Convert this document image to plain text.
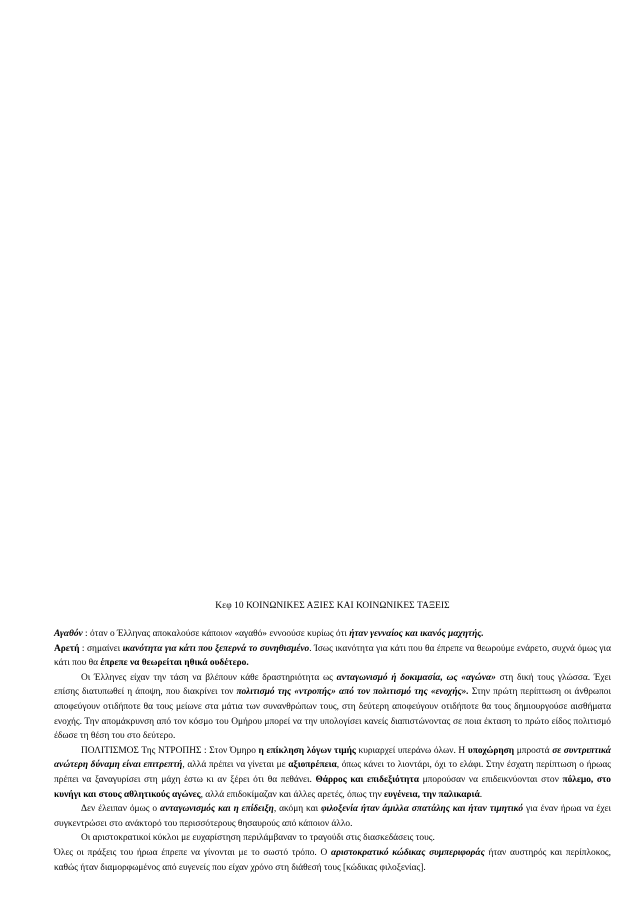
Κεφ 10 ΚΟΙΝΩΝΙΚΕΣ ΑΞΙΕΣ ΚΑΙ ΚΟΙΝΩΝΙΚΕΣ ΤΑΞΕΙΣ

Αγαθόν : όταν ο Έλληνας αποκαλούσε κάποιον «αγαθό» εννοούσε κυρίως ότι ήταν γενναίος και ικανός μαχητής.

Αρετή : σημαίνει ικανότητα για κάτι που ξεπερνά το συνηθισμένο. Ίσως ικανότητα για κάτι που θα έπρεπε να θεωρούμε ενάρετο, συχνά όμως για κάτι που θα έπρεπε να θεωρείται ηθικά ουδέτερο.

Οι Έλληνες είχαν την τάση να βλέπουν κάθε δραστηριότητα ως ανταγωνισμό ή δοκιμασία, ως «αγώνα» στη δική τους γλώσσα. Έχει επίσης διατυπωθεί η άποψη, που διακρίνει τον πολιτισμό της «ντροπής» από τον πολιτισμό της «ενοχής». Στην πρώτη περίπτωση οι άνθρωποι αποφεύγουν οτιδήποτε θα τους μείωνε στα μάτια των συνανθρώπων τους, στη δεύτερη αποφεύγουν οτιδήποτε θα τους δημιουργούσε αισθήματα ενοχής. Την απομάκρυνση από τον κόσμο του Ομήρου μπορεί να την υπολογίσει κανείς διαπιστώνοντας σε ποια έκταση το πρώτο είδος πολιτισμό έδωσε τη θέση του στο δεύτερο.

ΠΟΛΙΤΙΣΜΟΣ Της ΝΤΡΟΠΗΣ : Στον Όμηρο η επίκληση λόγων τιμής κυριαρχεί υπεράνω όλων. Η υποχώρηση μπροστά σε συντριπτικά ανώτερη δύναμη είναι επιτρεπτή, αλλά πρέπει να γίνεται με αξιοπρέπεια, όπως κάνει το λιοντάρι, όχι το ελάφι. Στην έσχατη περίπτωση ο ήρωας πρέπει να ξαναγυρίσει στη μάχη έστω κι αν ξέρει ότι θα πεθάνει. Θάρρος και επιδεξιότητα μπορούσαν να επιδεικνύονται στον πόλεμο, στο κυνήγι και στους αθλητικούς αγώνες, αλλά επιδοκίμαζαν και άλλες αρετές, όπως την ευγένεια, την παλικαριά.

Δεν έλειπαν όμως ο ανταγωνισμός και η επίδειξη, ακόμη και φιλοξενία ήταν άμιλλα σπατάλης και ήταν τιμητικό για έναν ήρωα να έχει συγκεντρώσει στο ανάκτορό του περισσότερους θησαυρούς από κάποιον άλλο.

Οι αριστοκρατικοί κύκλοι με ευχαρίστηση περιλάμβαναν το τραγούδι στις διασκεδάσεις τους.

Όλες οι πράξεις του ήρωα έπρεπε να γίνονται με το σωστό τρόπο. Ο αριστοκρατικό κώδικας συμπεριφοράς ήταν αυστηρός και περίπλοκος, καθώς ήταν διαμορφωμένος από ευγενείς που είχαν χρόνο στη διάθεσή τους [κώδικας φιλοξενίας].
